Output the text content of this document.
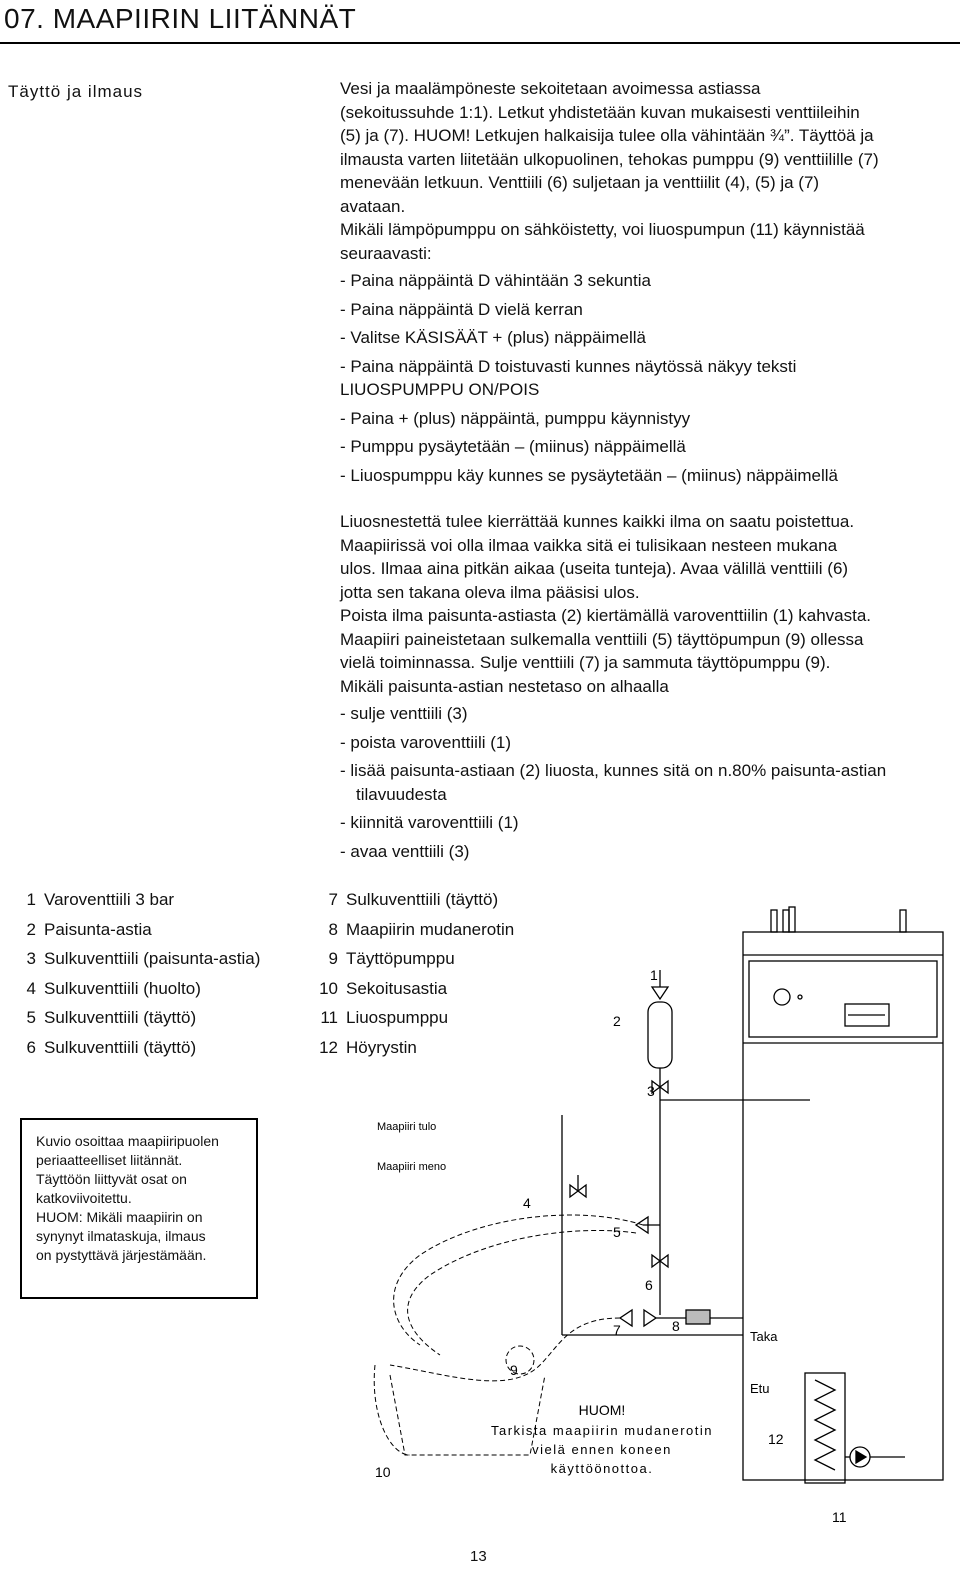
07. MAAPIIRIN LIITÄNNÄT
Täyttö ja ilmaus	Vesi ja maalämpöneste sekoitetaan avoimessa astiassa
(sekoitussuhde 1:1). Letkut yhdistetään kuvan mukaisesti venttiileihin
(5) ja (7). HUOM! Letkujen halkaisija tulee olla vähintään ¾”. Täyttöä ja
ilmausta varten liitetään ulkopuolinen, tehokas pumppu (9) venttiilille (7)
menevään letkuun. Venttiili (6) suljetaan ja venttiilit (4), (5) ja (7)
avataan.
Mikäli lämpöpumppu on sähköistetty, voi liuospumpun (11) käynnistää
seuraavasti:
- Paina näppäintä D vähintään 3 sekuntia
- Paina näppäintä D vielä kerran
- Valitse KÄSISÄÄT + (plus) näppäimellä
- Paina näppäintä D toistuvasti kunnes näytössä näkyy teksti LIUOSPUMPPU ON/POIS
- Paina + (plus) näppäintä, pumppu käynnistyy
- Pumppu pysäytetään – (miinus) näppäimellä
- Liuospumppu käy kunnes se pysäytetään – (miinus) näppäimellä
Liuosnestettä tulee kierrättää kunnes kaikki ilma on saatu poistettua.
Maapiirissä voi olla ilmaa vaikka sitä ei tulisikaan nesteen mukana
ulos. Ilmaa aina pitkän aikaa (useita tunteja). Avaa välillä venttiili (6)
jotta sen takana oleva ilma pääsisi ulos.
Poista ilma paisunta-astiasta (2) kiertämällä varoventtiilin (1) kahvasta.
Maapiiri paineistetaan sulkemalla venttiili (5) täyttöpumpun (9) ollessa
vielä toiminnassa. Sulje venttiili (7) ja sammuta täyttöpumppu (9).
Mikäli paisunta-astian nestetaso on alhaalla
- sulje venttiili (3)
- poista varoventtiili (1)
- lisää paisunta-astiaan (2) liuosta, kunnes sitä on n.80% paisunta-astian tilavuudesta
- kiinnitä varoventtiili (1)
- avaa venttiili (3)
1 Varoventtiili 3 bar
2 Paisunta-astia
3 Sulkuventtiili (paisunta-astia)
4 Sulkuventtiili (huolto)
5 Sulkuventtiili (täyttö)
6 Sulkuventtiili (täyttö)
7 Sulkuventtiili (täyttö)
8 Maapiirin mudanerotin
9 Täyttöpumppu
10 Sekoitusastia
11 Liuospumppu
12 Höyrystin
Kuvio osoittaa maapiiripuolen
periaatteelliset liitännät.
Täyttöön liittyvät osat on
katkoviivoitettu.
HUOM: Mikäli maapiirin on
synynyt ilmataskuja, ilmaus
on pystyttävä järjestämään.
Maapiiri tulo
Maapiiri meno
Taka
Etu
1
2
3
4
5
6
7	8
9
10
11
12
HUOM!
Tarkista maapiirin mudanerotin
vielä ennen koneen
käyttöönottoa.
13
